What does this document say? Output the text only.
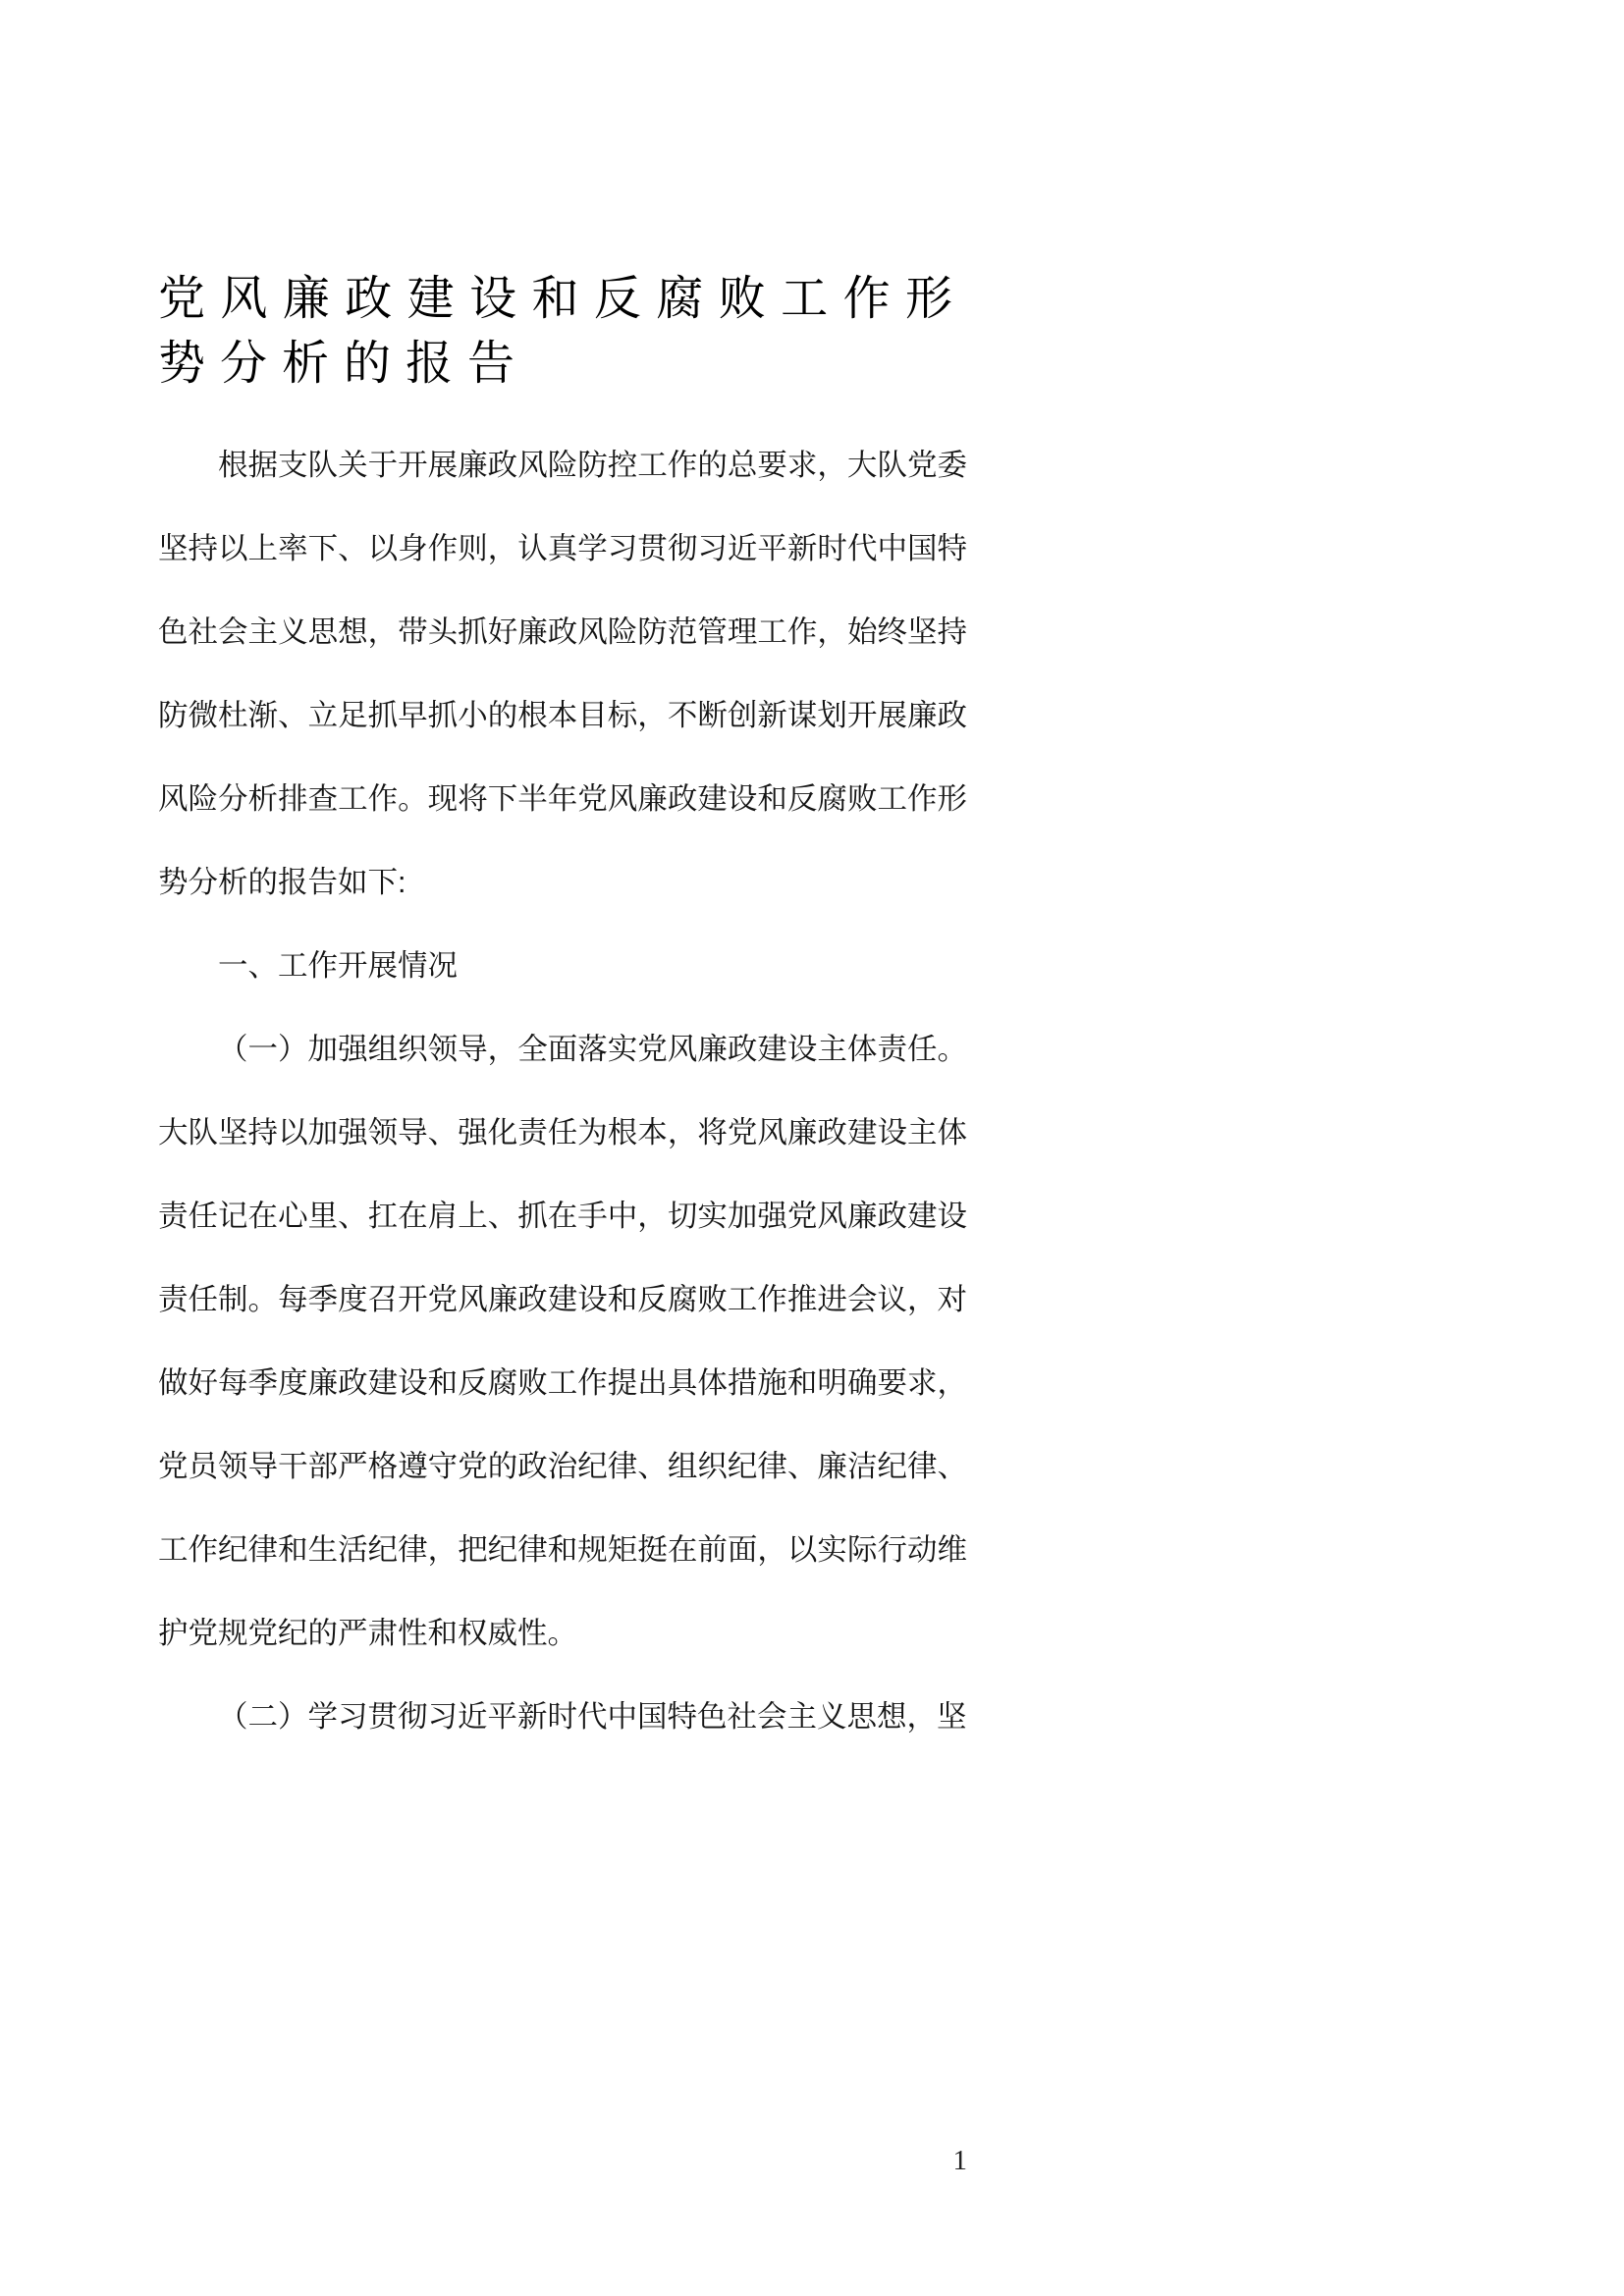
党风廉政建设和反腐败工作形势分析的报告

根据支队关于开展廉政风险防控工作的总要求，大队党委坚持以上率下、以身作则，认真学习贯彻习近平新时代中国特色社会主义思想，带头抓好廉政风险防范管理工作，始终坚持防微杜渐、立足抓早抓小的根本目标，不断创新谋划开展廉政风险分析排查工作。现将下半年党风廉政建设和反腐败工作形势分析的报告如下:

一、工作开展情况

（一）加强组织领导，全面落实党风廉政建设主体责任。大队坚持以加强领导、强化责任为根本，将党风廉政建设主体责任记在心里、扛在肩上、抓在手中，切实加强党风廉政建设责任制。每季度召开党风廉政建设和反腐败工作推进会议，对做好每季度廉政建设和反腐败工作提出具体措施和明确要求，党员领导干部严格遵守党的政治纪律、组织纪律、廉洁纪律、工作纪律和生活纪律，把纪律和规矩挺在前面，以实际行动维护党规党纪的严肃性和权威性。

（二）学习贯彻习近平新时代中国特色社会主义思想，坚

1
